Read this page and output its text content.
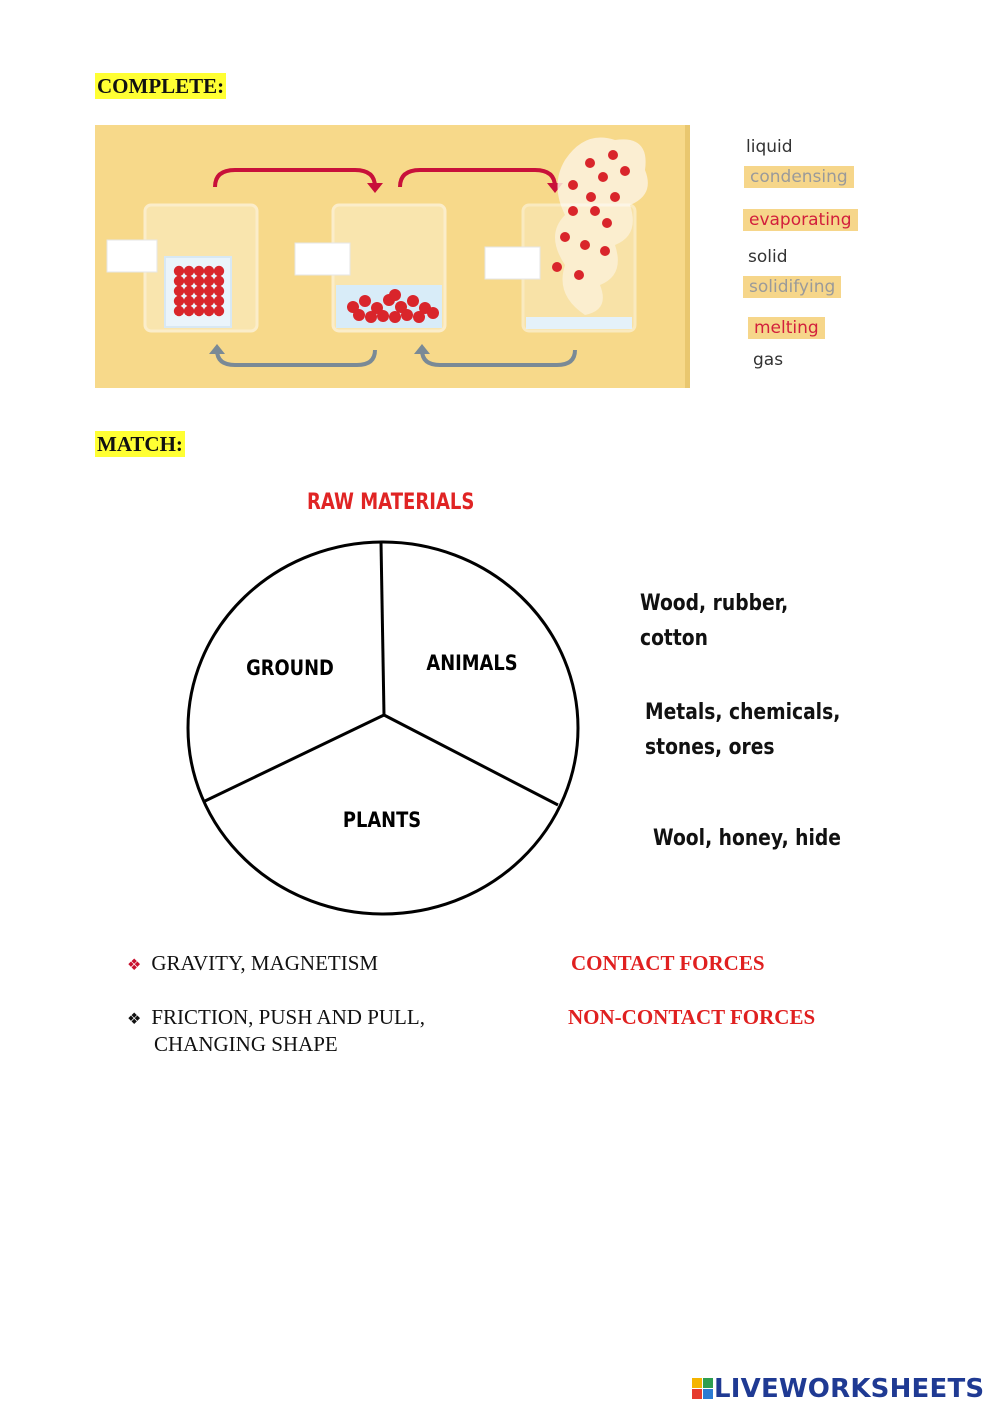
COMPLETE:
liquid
condensing
evaporating
solid
solidifying
melting
gas
MATCH:
RAW MATERIALS
GROUND	ANIMALS
PLANTS
Wood, rubber,
cotton
Metals, chemicals,
stones, ores
Wool, honey, hide
❖ GRAVITY, MAGNETISM
❖ FRICTION, PUSH AND PULL,
CHANGING SHAPE
CONTACT FORCES
NON-CONTACT FORCES
LIVEWORKSHEETS
